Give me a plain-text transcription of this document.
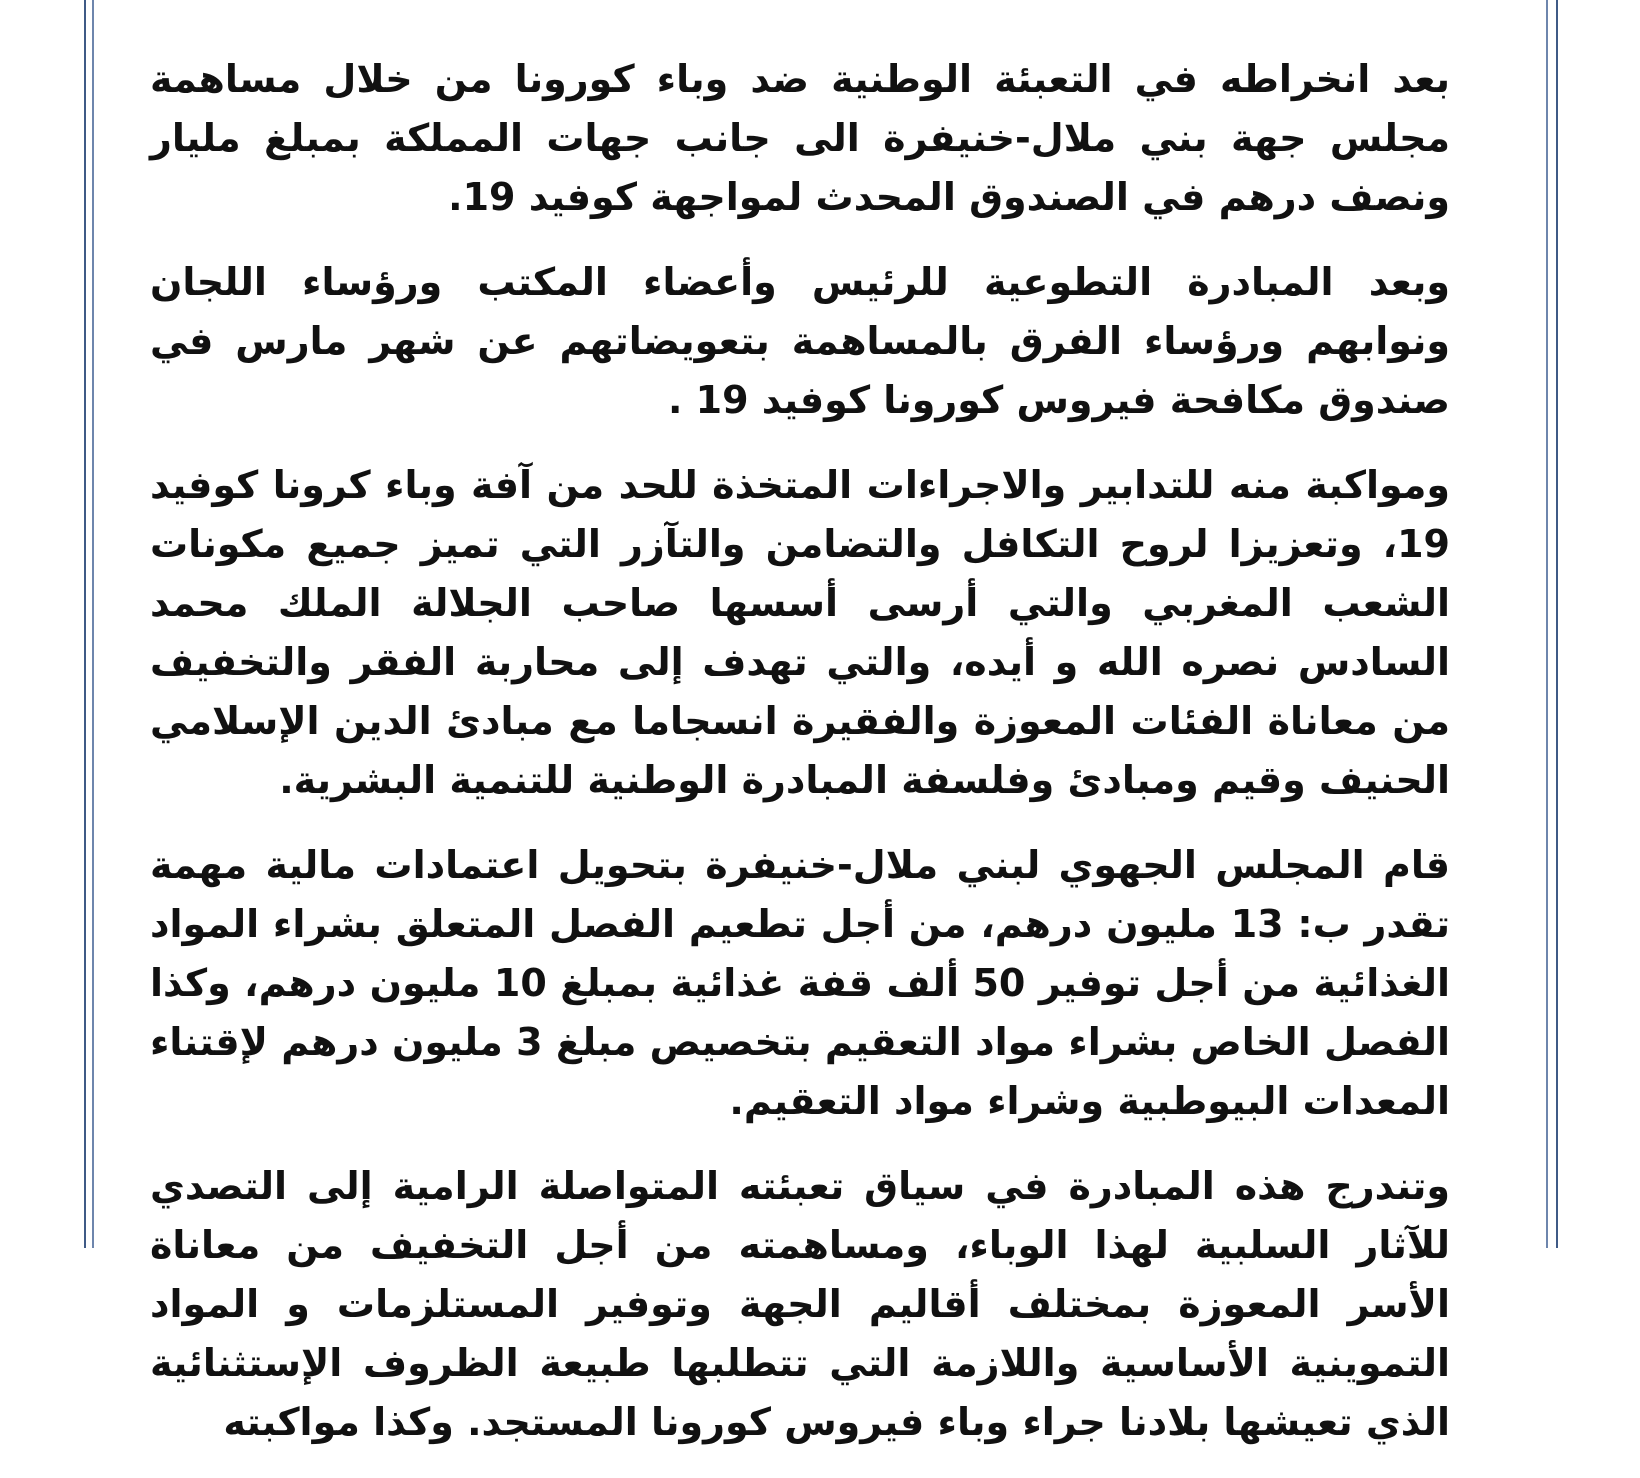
بعد انخراطه في التعبئة الوطنية ضد وباء كورونا من خلال مساهمة مجلس جهة بني ملال-خنيفرة الى جانب جهات المملكة بمبلغ مليار ونصف درهم في الصندوق المحدث لمواجهة كوفيد 19.

وبعد المبادرة التطوعية للرئيس وأعضاء المكتب ورؤساء اللجان ونوابهم ورؤساء الفرق بالمساهمة بتعويضاتهم عن شهر مارس في صندوق مكافحة فيروس كورونا كوفيد 19 .

ومواكبة منه للتدابير والاجراءات المتخذة للحد من آفة وباء كرونا كوفيد 19، وتعزيزا لروح التكافل والتضامن والتآزر التي تميز جميع مكونات الشعب المغربي والتي أرسى أسسها صاحب الجلالة الملك محمد السادس نصره الله و أيده، والتي تهدف إلى محاربة الفقر والتخفيف من معاناة الفئات المعوزة والفقيرة انسجاما مع مبادئ الدين الإسلامي الحنيف وقيم ومبادئ وفلسفة المبادرة الوطنية للتنمية البشرية.

قام المجلس الجهوي لبني ملال-خنيفرة بتحويل اعتمادات مالية مهمة تقدر ب: 13 مليون درهم، من أجل تطعيم الفصل المتعلق بشراء المواد الغذائية من أجل توفير 50 ألف قفة غذائية بمبلغ 10 مليون درهم، وكذا الفصل الخاص بشراء مواد التعقيم بتخصيص مبلغ 3 مليون درهم لإقتناء المعدات البيوطبية وشراء مواد التعقيم.

وتندرج هذه المبادرة في سياق تعبئته المتواصلة الرامية إلى التصدي للآثار السلبية لهذا الوباء، ومساهمته من أجل التخفيف من معاناة الأسر المعوزة بمختلف أقاليم الجهة وتوفير المستلزمات و المواد التموينية الأساسية واللازمة التي تتطلبها طبيعة الظروف الإستثنائية الذي تعيشها بلادنا جراء وباء فيروس كورونا المستجد. وكذا مواكبته
